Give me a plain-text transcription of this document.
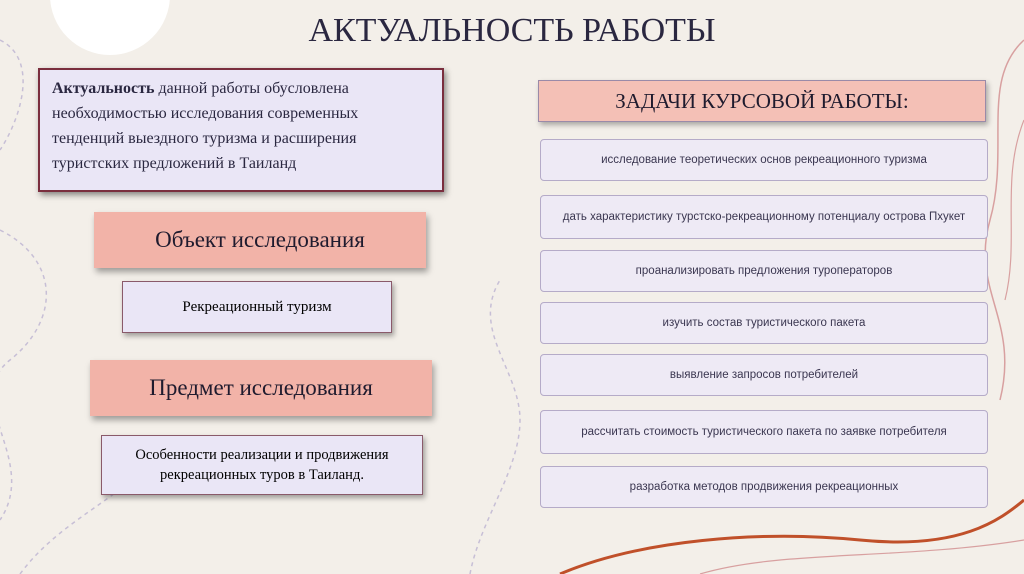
АКТУАЛЬНОСТЬ РАБОТЫ
Актуальность данной работы обусловлена необходимостью исследования современных тенденций выездного туризма и расширения туристских предложений в Таиланд
Объект исследования
Рекреационный туризм
Предмет исследования
Особенности реализации и продвижения рекреационных туров в Таиланд.
ЗАДАЧИ КУРСОВОЙ РАБОТЫ:
исследование теоретических основ рекреационного туризма
дать характеристику турстско-рекреационному потенциалу острова Пхукет
проанализировать предложения туроператоров
изучить состав туристического пакета
выявление запросов потребителей
рассчитать стоимость туристического пакета по заявке потребителя
разработка методов продвижения рекреационных
